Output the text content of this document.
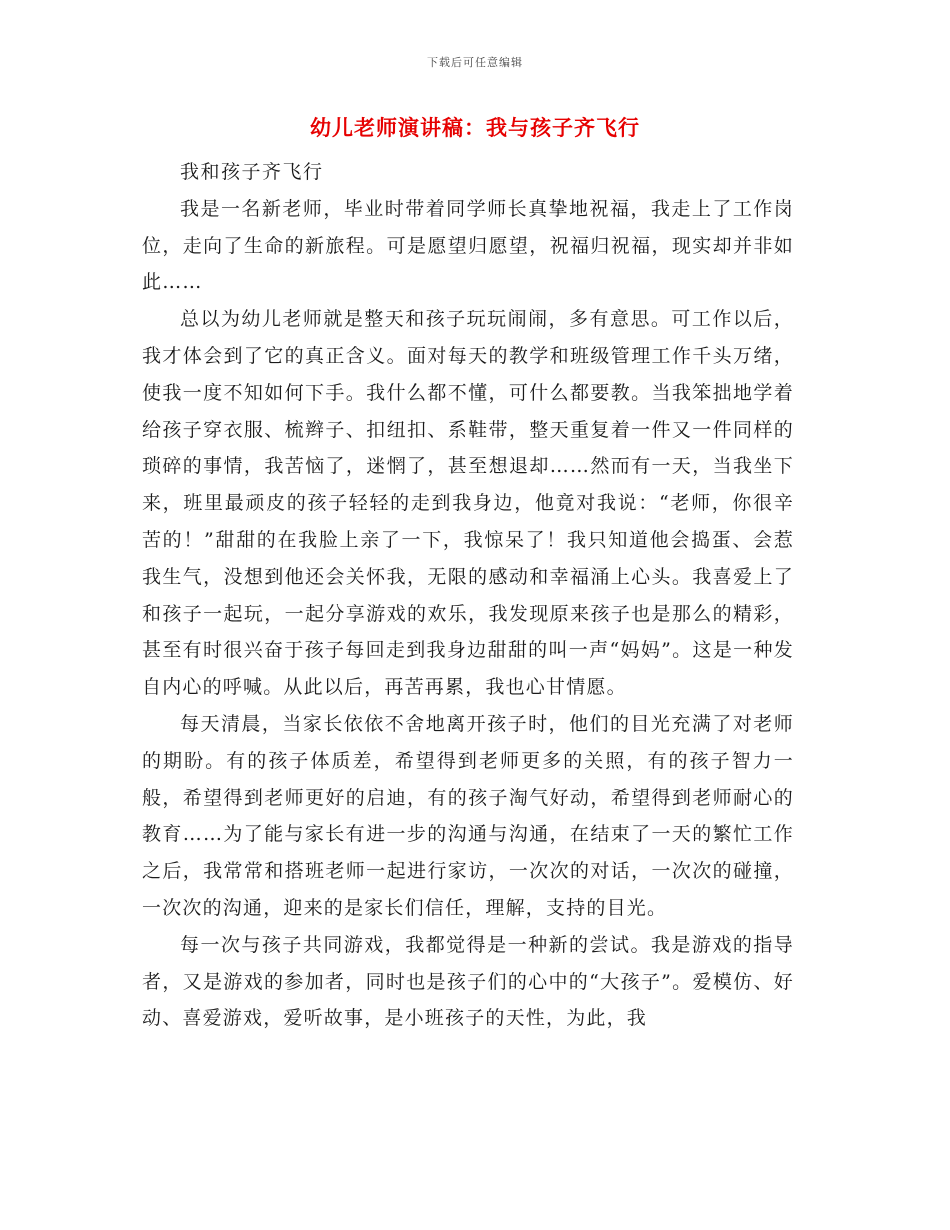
下载后可任意编辑
幼儿老师演讲稿：我与孩子齐飞行

我和孩子齐飞行

我是一名新老师，毕业时带着同学师长真挚地祝福，我走上了工作岗位，走向了生命的新旅程。可是愿望归愿望，祝福归祝福，现实却并非如此……

总以为幼儿老师就是整天和孩子玩玩闹闹，多有意思。可工作以后，我才体会到了它的真正含义。面对每天的教学和班级管理工作千头万绪，使我一度不知如何下手。我什么都不懂，可什么都要教。当我笨拙地学着给孩子穿衣服、梳辫子、扣纽扣、系鞋带，整天重复着一件又一件同样的琐碎的事情，我苦恼了，迷惘了，甚至想退却……然而有一天，当我坐下来，班里最顽皮的孩子轻轻的走到我身边，他竟对我说：“老师，你很辛苦的！”甜甜的在我脸上亲了一下，我惊呆了！我只知道他会捣蛋、会惹我生气，没想到他还会关怀我，无限的感动和幸福涌上心头。我喜爱上了和孩子一起玩，一起分享游戏的欢乐，我发现原来孩子也是那么的精彩，甚至有时很兴奋于孩子每回走到我身边甜甜的叫一声“妈妈”。这是一种发自内心的呼喊。从此以后，再苦再累，我也心甘情愿。

每天清晨，当家长依依不舍地离开孩子时，他们的目光充满了对老师的期盼。有的孩子体质差，希望得到老师更多的关照，有的孩子智力一般，希望得到老师更好的启迪，有的孩子淘气好动，希望得到老师耐心的教育……为了能与家长有进一步的沟通与沟通，在结束了一天的繁忙工作之后，我常常和搭班老师一起进行家访，一次次的对话，一次次的碰撞，一次次的沟通，迎来的是家长们信任，理解，支持的目光。

每一次与孩子共同游戏，我都觉得是一种新的尝试。我是游戏的指导者，又是游戏的参加者，同时也是孩子们的心中的“大孩子”。爱模仿、好动、喜爱游戏，爱听故事，是小班孩子的天性，为此，我
